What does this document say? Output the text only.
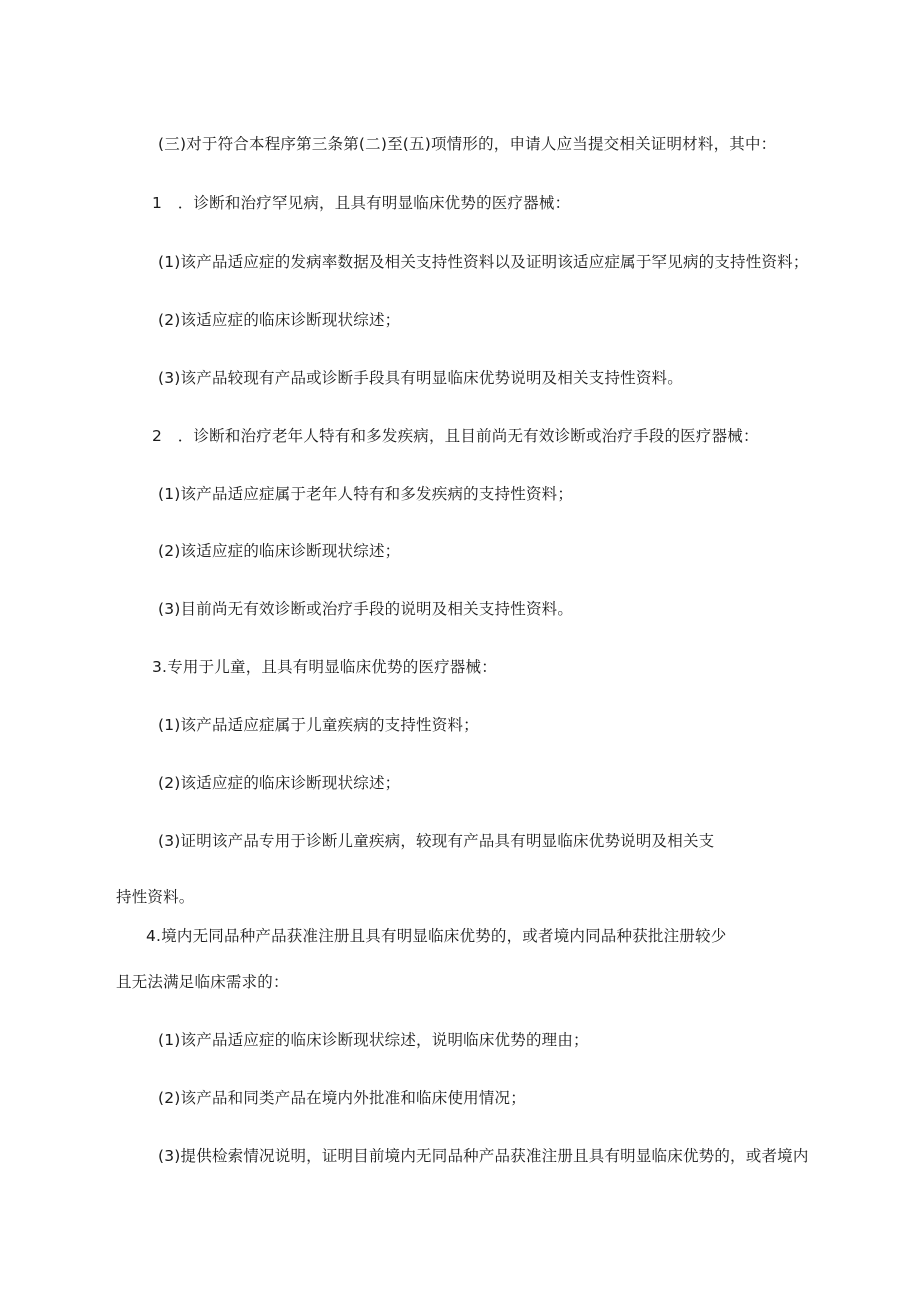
(三)对于符合本程序第三条第(二)至(五)项情形的，申请人应当提交相关证明材料，其中：
1　．诊断和治疗罕见病，且具有明显临床优势的医疗器械：
(1)该产品适应症的发病率数据及相关支持性资料以及证明该适应症属于罕见病的支持性资料；
(2)该适应症的临床诊断现状综述；
(3)该产品较现有产品或诊断手段具有明显临床优势说明及相关支持性资料。
2　．诊断和治疗老年人特有和多发疾病，且目前尚无有效诊断或治疗手段的医疗器械：
(1)该产品适应症属于老年人特有和多发疾病的支持性资料；
(2)该适应症的临床诊断现状综述；
(3)目前尚无有效诊断或治疗手段的说明及相关支持性资料。
3.专用于儿童，且具有明显临床优势的医疗器械：
(1)该产品适应症属于儿童疾病的支持性资料；
(2)该适应症的临床诊断现状综述；
(3)证明该产品专用于诊断儿童疾病，较现有产品具有明显临床优势说明及相关支
持性资料。
4.境内无同品种产品获准注册且具有明显临床优势的，或者境内同品种获批注册较少
且无法满足临床需求的：
(1)该产品适应症的临床诊断现状综述，说明临床优势的理由；
(2)该产品和同类产品在境内外批准和临床使用情况；
(3)提供检索情况说明，证明目前境内无同品种产品获准注册且具有明显临床优势的，或者境内
